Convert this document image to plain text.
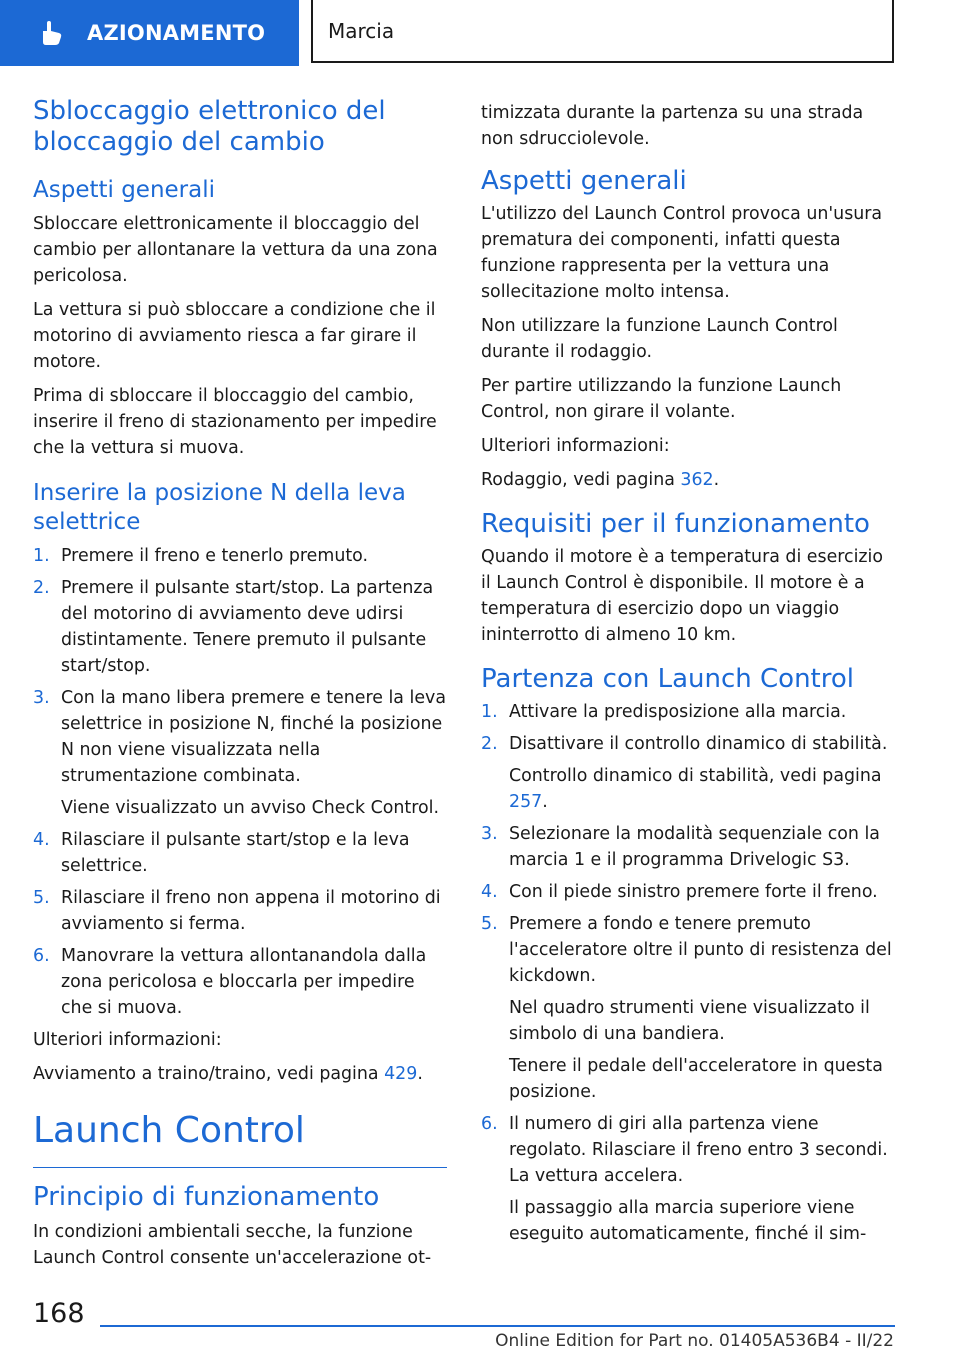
AZIONAMENTO	Marcia
Sbloccaggio elettronico del bloccaggio del cambio
Aspetti generali

Sbloccare elettronicamente il bloccaggio del cambio per allontanare la vettura da una zona pericolosa.

La vettura si può sbloccare a condizione che il motorino di avviamento riesca a far girare il motore.

Prima di sbloccare il bloccaggio del cambio, inserire il freno di stazionamento per impedire che la vettura si muova.

Inserire la posizione N della leva selettrice
1. Premere il freno e tenerlo premuto.
2. Premere il pulsante start/stop. La partenza del motorino di avviamento deve udirsi distintamente. Tenere premuto il pulsante start/stop.
3. Con la mano libera premere e tenere la leva selettrice in posizione N, finché la posizione N non viene visualizzata nella strumentazione combinata.
Viene visualizzato un avviso Check Control.
4. Rilasciare il pulsante start/stop e la leva selettrice.
5. Rilasciare il freno non appena il motorino di avviamento si ferma.
6. Manovrare la vettura allontanandola dalla zona pericolosa e bloccarla per impedire che si muova.

Ulteriori informazioni:

Avviamento a traino/traino, vedi pagina 429.

Launch Control
Principio di funzionamento

In condizioni ambientali secche, la funzione Launch Control consente un'accelerazione ot-

timizzata durante la partenza su una strada non sdrucciolevole.

Aspetti generali

L'utilizzo del Launch Control provoca un'usura prematura dei componenti, infatti questa funzione rappresenta per la vettura una sollecitazione molto intensa.

Non utilizzare la funzione Launch Control durante il rodaggio.

Per partire utilizzando la funzione Launch Control, non girare il volante.

Ulteriori informazioni:

Rodaggio, vedi pagina 362.

Requisiti per il funzionamento

Quando il motore è a temperatura di esercizio il Launch Control è disponibile. Il motore è a temperatura di esercizio dopo un viaggio ininterrotto di almeno 10 km.

Partenza con Launch Control
1. Attivare la predisposizione alla marcia.
2. Disattivare il controllo dinamico di stabilità.
Controllo dinamico di stabilità, vedi pagina 257.
3. Selezionare la modalità sequenziale con la marcia 1 e il programma Drivelogic S3.
4. Con il piede sinistro premere forte il freno.
5. Premere a fondo e tenere premuto l'acceleratore oltre il punto di resistenza del kickdown.
Nel quadro strumenti viene visualizzato il simbolo di una bandiera.
Tenere il pedale dell'acceleratore in questa posizione.
6. Il numero di giri alla partenza viene regolato. Rilasciare il freno entro 3 secondi. La vettura accelera.
Il passaggio alla marcia superiore viene eseguito automaticamente, finché il sim-
168
Online Edition for Part no. 01405A536B4 - II/22
